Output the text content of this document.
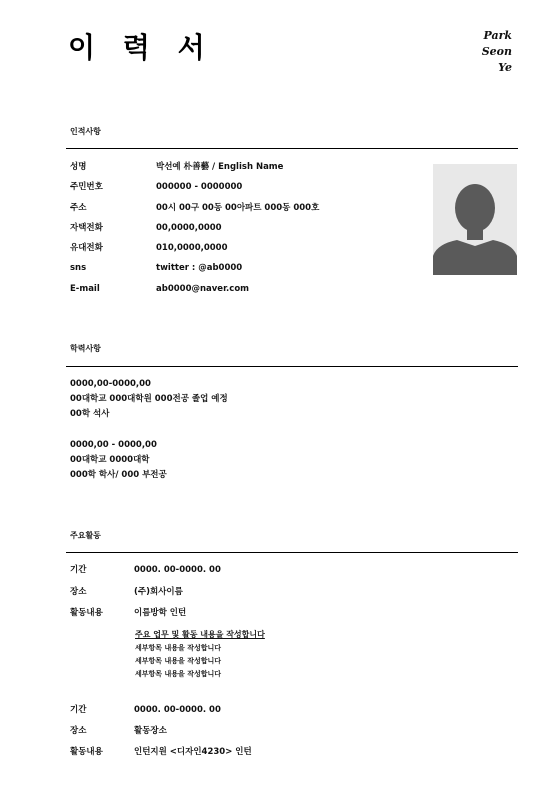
이 력 서	Park
Seon
Ye
인적사항
성명	박선예 朴善藝 / English Name
주민번호	000000 - 0000000
주소	00시 00구 00동 00아파트 000동 000호
자택전화	00,0000,0000
유대전화	010,0000,0000
sns	twitter : @ab0000
E-mail	ab0000@naver.com
학력사항
0000,00-0000,00
00대학교 000대학원 000전공 졸업 예정
00학 석사
0000,00 - 0000,00
00대학교 0000대학
000학 학사/ 000 부전공
주요활동
기간	0000. 00-0000. 00
장소	(주)회사이름
활동내용	이름방학 인턴
주요 업무 및 활동 내용을 작성합니다
세부항목 내용을 작성합니다
세부항목 내용을 작성합니다
세부항목 내용을 작성합니다
기간	0000. 00-0000. 00
장소	활동장소
활동내용	인턴지원 <디자인4230> 인턴
